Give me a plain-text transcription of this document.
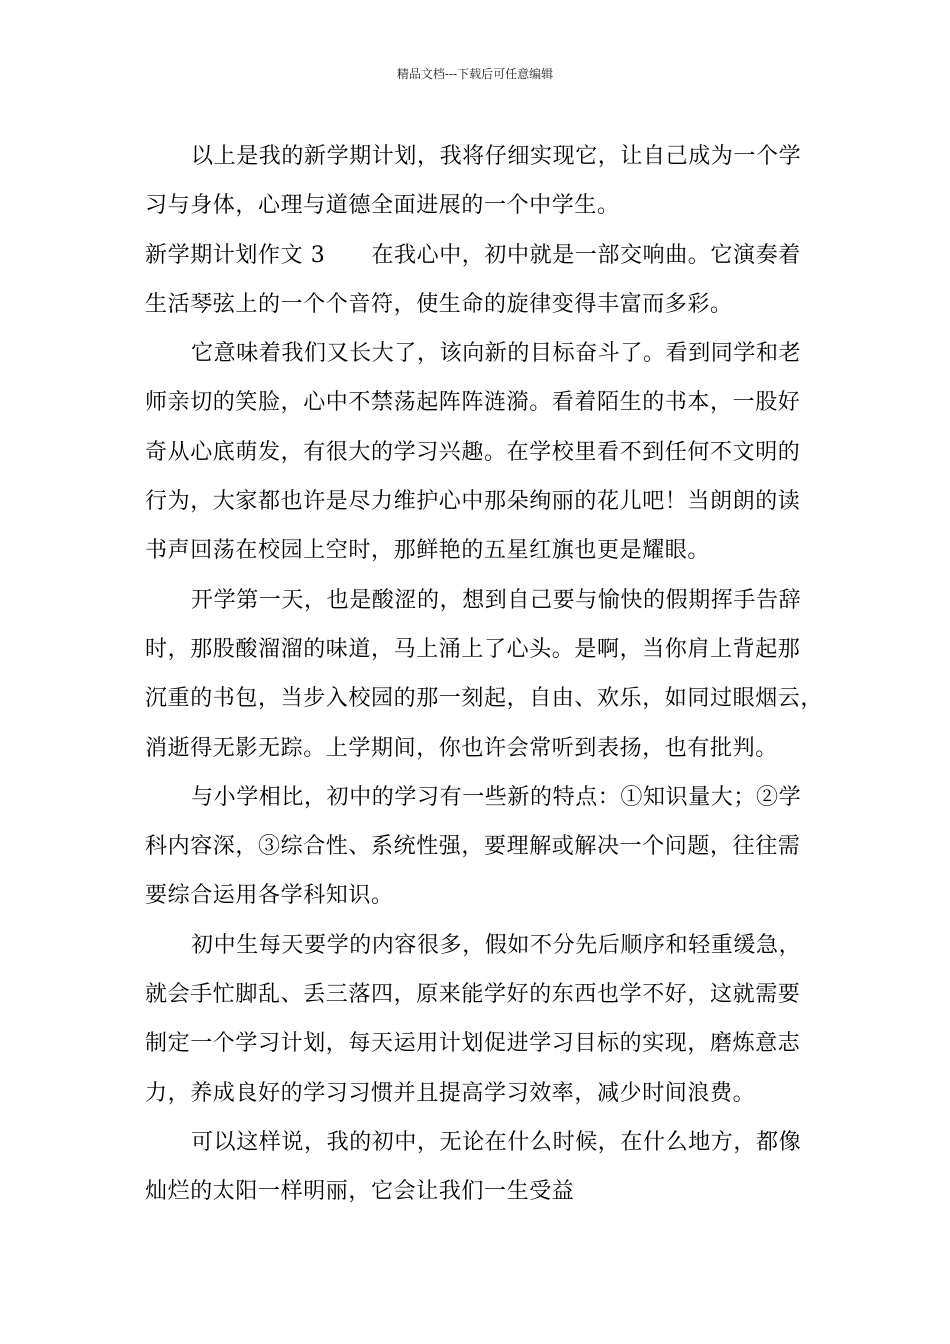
精品文档---下载后可任意编辑
以上是我的新学期计划，我将仔细实现它，让自己成为一个学
习与身体，心理与道德全面进展的一个中学生。
新学期计划作文 3 在我心中，初中就是一部交响曲。它演奏着
生活琴弦上的一个个音符，使生命的旋律变得丰富而多彩。
它意味着我们又长大了，该向新的目标奋斗了。看到同学和老
师亲切的笑脸，心中不禁荡起阵阵涟漪。看着陌生的书本，一股好
奇从心底萌发，有很大的学习兴趣。在学校里看不到任何不文明的
行为，大家都也许是尽力维护心中那朵绚丽的花儿吧！当朗朗的读
书声回荡在校园上空时，那鲜艳的五星红旗也更是耀眼。
开学第一天，也是酸涩的，想到自己要与愉快的假期挥手告辞
时，那股酸溜溜的味道，马上涌上了心头。是啊，当你肩上背起那
沉重的书包，当步入校园的那一刻起，自由、欢乐，如同过眼烟云，
消逝得无影无踪。上学期间，你也许会常听到表扬，也有批判。
与小学相比，初中的学习有一些新的特点：①知识量大；②学
科内容深，③综合性、系统性强，要理解或解决一个问题，往往需
要综合运用各学科知识。
初中生每天要学的内容很多，假如不分先后顺序和轻重缓急，
就会手忙脚乱、丢三落四，原来能学好的东西也学不好，这就需要
制定一个学习计划，每天运用计划促进学习目标的实现，磨炼意志
力，养成良好的学习习惯并且提高学习效率，减少时间浪费。
可以这样说，我的初中，无论在什么时候，在什么地方，都像
灿烂的太阳一样明丽，它会让我们一生受益
